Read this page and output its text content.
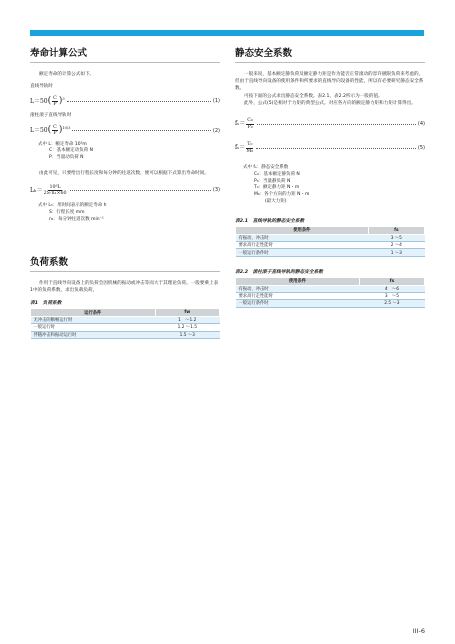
寿命计算公式

额定寿命的计算公式如下。

直线导轨时

$L=50( \frac{C}{P} )^3$	(1)

滚柱滚子直线导轨时

$L=50( \frac{C}{P} )^{10/3}$	(2)
式中 L：额定寿命 10⁵m
C：基本额定动负荷 N
P：当量动负荷 N

由此可见，只要给出行程长度和每分钟的往返次数，便可以根据下式算出寿命时间。

$L_h= \frac{\text{10⁶L}}{\text{2S·n₁×60}}$	(3)
式中 Lₕ：用时间表示的额定寿命 h
S：行程长度 mm
n₁：每分钟往返次数 min⁻¹
负荷系数

作用于直线导向设备上的负荷会因机械的振动或冲击等而大于其理论负荷。一般要乘上表1中的负荷系数，求出负载负荷。

表1　负荷系数
运行条件	fw
无冲击的顺畅运行时	1　～1.2
一般运行时	1.2 ～1.5
伴随冲击和振动运行时	1.5 ～3
静态安全系数

一般来说，基本额定静负荷及额定静力矩是作为能否正常滚动的容许极限负荷来考虑的。但由于直线导向设备的使用条件和所要求的直线导向设备的性能，所以有必要研究静态安全系数。

可按下面的公式求出静态安全系数。表2.1、表2.2所示为一般的值。

此外，公式(5)是相对于力矩的典型公式。对应各方向的额定静力矩和力矩计算得出。

$f_s= \frac{\text{C₀}}{\text{P₀}}$	(4)
$f_s= \frac{\text{T₀}}{\text{M₀}}$	(5)
式中 fₛ：静态安全系数
C₀：基本额定静负荷 N
P₀：当量静负荷 N
T₀：额定静力矩 N・m
M₀：各个方向的力矩 N・m
(最大力矩)
表2.1　直线导轨的静态安全系数
使用条件	fs
有振动、冲击时	3 ～5
要求高行走性能时	2 ～4
一般运行条件时	1 ～3
表2.2　滚柱滚子直线导轨的静态安全系数
使用条件	fs
有振动、冲击时	4　～6
要求高行走性能时	3　～5
一般运行条件时	2.5 ～3
III-6
